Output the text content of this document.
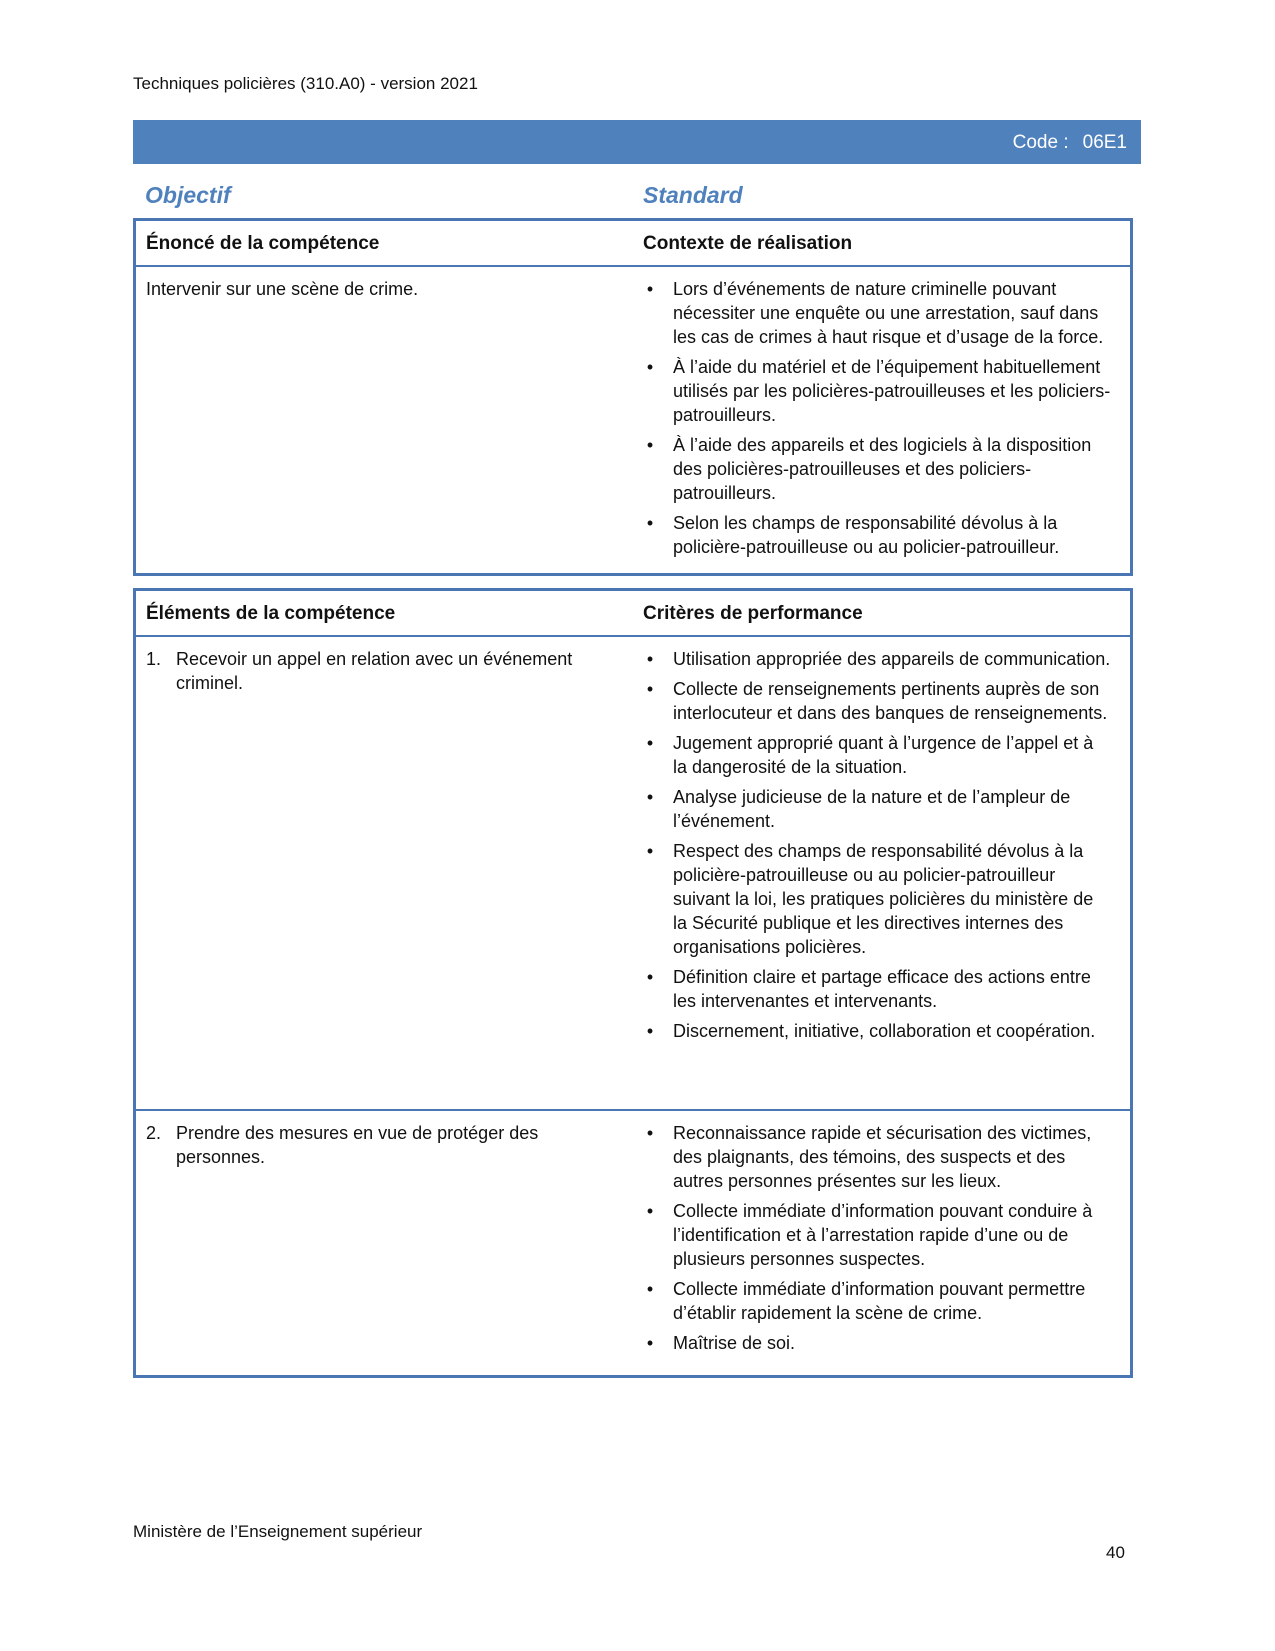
Techniques policières (310.A0) - version 2021
Code : 06E1
Objectif	Standard
Énoncé de la compétence	Contexte de réalisation
Intervenir sur une scène de crime.	• Lors d’événements de nature criminelle pouvant nécessiter une enquête ou une arrestation, sauf dans les cas de crimes à haut risque et d’usage de la force.
• À l’aide du matériel et de l’équipement habituellement utilisés par les policières-patrouilleuses et les policiers-patrouilleurs.
• À l’aide des appareils et des logiciels à la disposition des policières-patrouilleuses et des policiers-patrouilleurs.
• Selon les champs de responsabilité dévolus à la policière-patrouilleuse ou au policier-patrouilleur.
Éléments de la compétence	Critères de performance
1. Recevoir un appel en relation avec un événement criminel.
• Utilisation appropriée des appareils de communication.
• Collecte de renseignements pertinents auprès de son interlocuteur et dans des banques de renseignements.
• Jugement approprié quant à l’urgence de l’appel et à la dangerosité de la situation.
• Analyse judicieuse de la nature et de l’ampleur de l’événement.
• Respect des champs de responsabilité dévolus à la policière-patrouilleuse ou au policier-patrouilleur suivant la loi, les pratiques policières du ministère de la Sécurité publique et les directives internes des organisations policières.
• Définition claire et partage efficace des actions entre les intervenantes et intervenants.
• Discernement, initiative, collaboration et coopération.
2. Prendre des mesures en vue de protéger des personnes.
• Reconnaissance rapide et sécurisation des victimes, des plaignants, des témoins, des suspects et des autres personnes présentes sur les lieux.
• Collecte immédiate d’information pouvant conduire à l’identification et à l’arrestation rapide d’une ou de plusieurs personnes suspectes.
• Collecte immédiate d’information pouvant permettre d’établir rapidement la scène de crime.
• Maîtrise de soi.
Ministère de l’Enseignement supérieur
40
